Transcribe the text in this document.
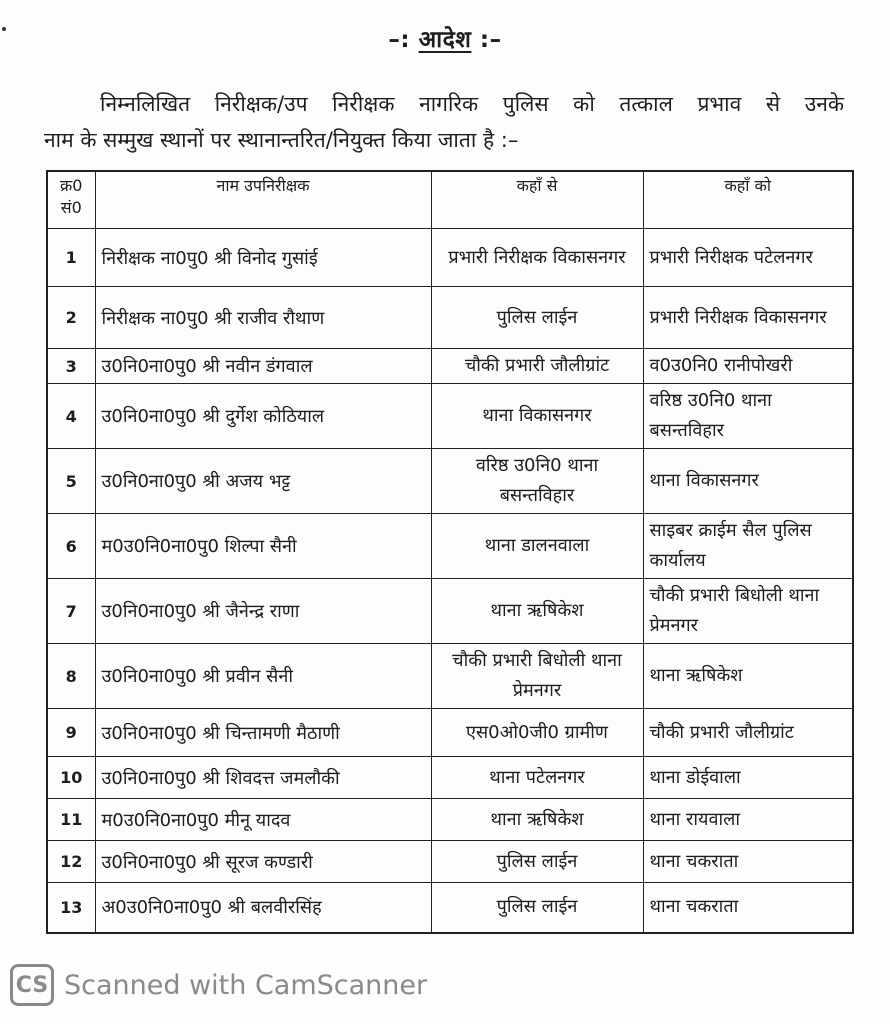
–: आदेश :–
निम्नलिखित निरीक्षक/उप निरीक्षक नागरिक पुलिस को तत्काल प्रभाव से उनके
नाम के सम्मुख स्थानों पर स्थानान्तरित/नियुक्त किया जाता है :–
क्र0 सं0	नाम उपनिरीक्षक	कहाँ से	कहाँ को
1	निरीक्षक ना0पु0 श्री विनोद गुसांई	प्रभारी निरीक्षक विकासनगर	प्रभारी निरीक्षक पटेलनगर
2	निरीक्षक ना0पु0 श्री राजीव रौथाण	पुलिस लाईन	प्रभारी निरीक्षक विकासनगर
3	उ0नि0ना0पु0 श्री नवीन डंगवाल	चौकी प्रभारी जौलीग्रांट	व0उ0नि0 रानीपोखरी
4	उ0नि0ना0पु0 श्री दुर्गेश कोठियाल	थाना विकासनगर	वरिष्ठ उ0नि0 थाना बसन्तविहार
5	उ0नि0ना0पु0 श्री अजय भट्ट	वरिष्ठ उ0नि0 थाना बसन्तविहार	थाना विकासनगर
6	म0उ0नि0ना0पु0 शिल्पा सैनी	थाना डालनवाला	साइबर क्राईम सैल पुलिस कार्यालय
7	उ0नि0ना0पु0 श्री जैनेन्द्र राणा	थाना ऋषिकेश	चौकी प्रभारी बिधोली थाना प्रेमनगर
8	उ0नि0ना0पु0 श्री प्रवीन सैनी	चौकी प्रभारी बिधोली थाना प्रेमनगर	थाना ऋषिकेश
9	उ0नि0ना0पु0 श्री चिन्तामणी मैठाणी	एस0ओ0जी0 ग्रामीण	चौकी प्रभारी जौलीग्रांट
10	उ0नि0ना0पु0 श्री शिवदत्त जमलौकी	थाना पटेलनगर	थाना डोईवाला
11	म0उ0नि0ना0पु0 मीनू यादव	थाना ऋषिकेश	थाना रायवाला
12	उ0नि0ना0पु0 श्री सूरज कण्डारी	पुलिस लाईन	थाना चकराता
13	अ0उ0नि0ना0पु0 श्री बलवीरसिंह	पुलिस लाईन	थाना चकराता
CS Scanned with CamScanner
